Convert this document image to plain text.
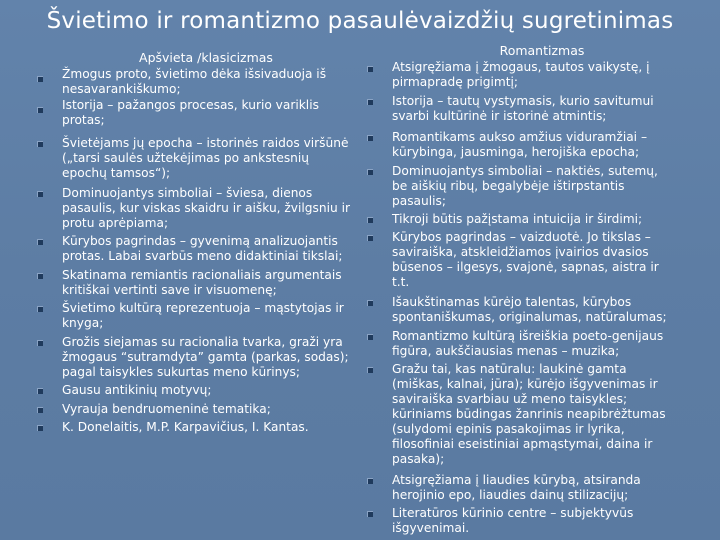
Švietimo ir romantizmo pasaulėvaizdžių sugretinimas
Apšvieta /klasicizmas	Romantizmas
Žmogus proto, švietimo dėka išsivaduoja iš nesavarankiškumo;
Istorija – pažangos procesas, kurio variklis protas;
Švietėjams jų epocha – istorinės raidos viršūnė („tarsi saulės užtekėjimas po ankstesnių epochų tamsos“);
Dominuojantys simboliai – šviesa, dienos pasaulis, kur viskas skaidru ir aišku, žvilgsniu ir protu aprėpiama;
Kūrybos pagrindas – gyvenimą analizuojantis protas. Labai svarbūs meno didaktiniai tikslai;
Skatinama remiantis racionaliais argumentais kritiškai vertinti save ir visuomenę;
Švietimo kultūrą reprezentuoja – mąstytojas ir knyga;
Grožis siejamas su racionalia tvarka, graži yra žmogaus “sutramdyta” gamta (parkas, sodas); pagal taisykles sukurtas meno kūrinys;
Gausu antikinių motyvų;
Vyrauja bendruomeninė tematika;
K. Donelaitis, M.P. Karpavičius, I. Kantas.
Atsigręžiama į žmogaus, tautos vaikystę, į pirmapradę prigimtį;
Istorija – tautų vystymasis, kurio savitumui svarbi kultūrinė ir istorinė atmintis;
Romantikams aukso amžius viduramžiai – kūrybinga, jausminga, herojiška epocha;
Dominuojantys simboliai – naktiės, sutemų, be aiškių ribų, begalybėje ištirpstantis pasaulis;
Tikroji būtis pažįstama intuicija ir širdimi;
Kūrybos pagrindas – vaizduotė. Jo tikslas – saviraiška, atskleidžiamos įvairios dvasios būsenos – ilgesys, svajonė, sapnas, aistra ir t.t.
Išaukštinamas kūrėjo talentas, kūrybos spontaniškumas, originalumas, natūralumas;
Romantizmo kultūrą išreiškia poeto-genijaus figūra, aukščiausias menas – muzika;
Gražu tai, kas natūralu: laukinė gamta (miškas, kalnai, jūra); kūrėjo išgyvenimas ir saviraiška svarbiau už meno taisykles; kūriniams būdingas žanrinis neapibrėžtumas (sulydomi epinis pasakojimas ir lyrika, filosofiniai eseistiniai apmąstymai, daina ir pasaka);
Atsigręžiama į liaudies kūrybą, atsiranda herojinio epo, liaudies dainų stilizacijų;
Literatūros kūrinio centre – subjektyvūs išgyvenimai.
